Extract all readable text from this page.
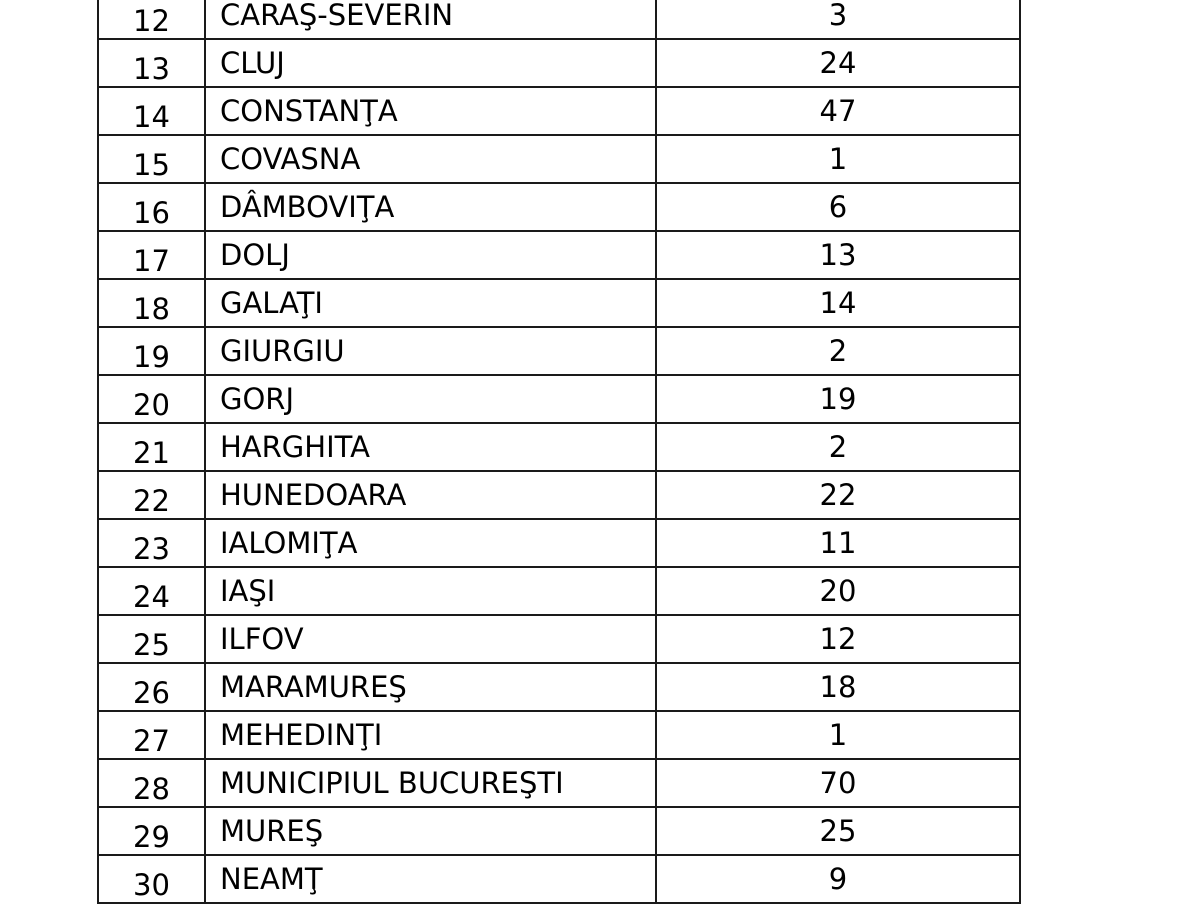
12	CARAŞ-SEVERIN	3
13	CLUJ	24
14	CONSTANŢA	47
15	COVASNA	1
16	DÂMBOVIŢA	6
17	DOLJ	13
18	GALAŢI	14
19	GIURGIU	2
20	GORJ	19
21	HARGHITA	2
22	HUNEDOARA	22
23	IALOMIŢA	11
24	IAŞI	20
25	ILFOV	12
26	MARAMUREŞ	18
27	MEHEDINŢI	1
28	MUNICIPIUL BUCUREŞTI	70
29	MUREŞ	25
30	NEAMŢ	9
